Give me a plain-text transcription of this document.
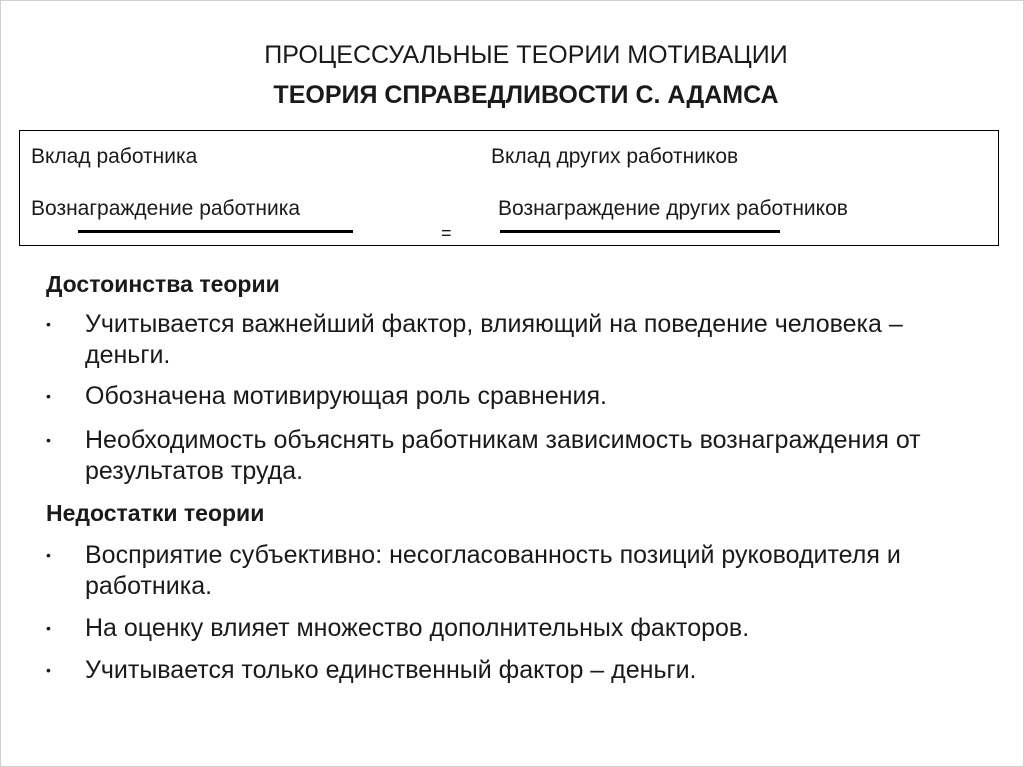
ПРОЦЕССУАЛЬНЫЕ ТЕОРИИ МОТИВАЦИИ
ТЕОРИЯ СПРАВЕДЛИВОСТИ С. АДАМСА
Вклад работника	Вклад других работников
Вознаграждение работника	Вознаграждение других работников
=
Достоинства теории
• Учитывается важнейший фактор, влияющий на поведение человека – деньги.
• Обозначена мотивирующая роль сравнения.
• Необходимость объяснять работникам зависимость вознаграждения от результатов труда.
Недостатки теории
• Восприятие субъективно: несогласованность позиций руководителя и работника.
• На оценку влияет множество дополнительных факторов.
• Учитывается только единственный фактор – деньги.
